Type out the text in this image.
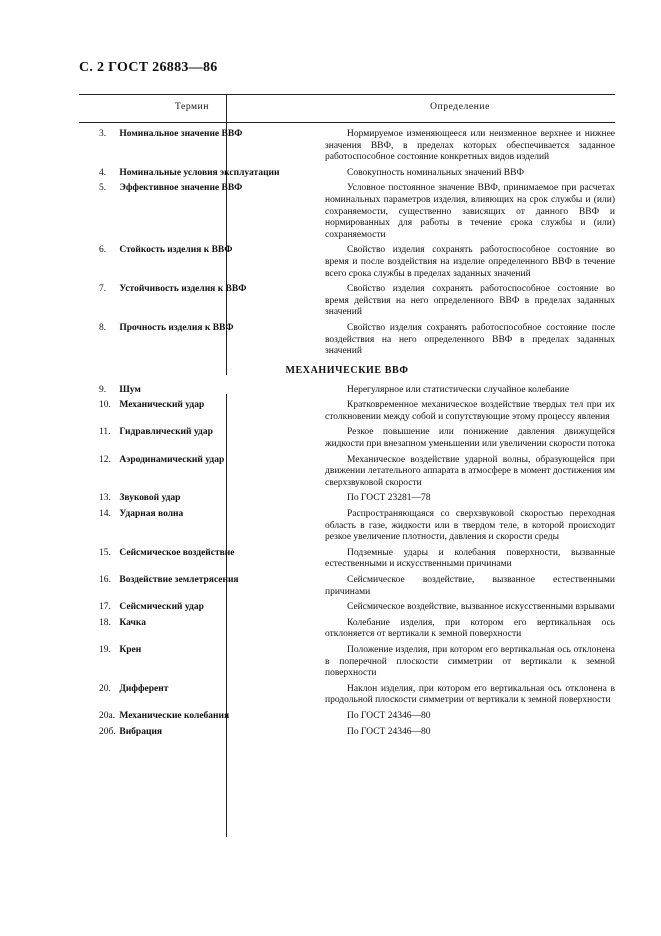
С. 2 ГОСТ 26883—86
Термин	Определение
3. Номинальное значение ВВФ	Нормируемое изменяющееся или неизменное верхнее и нижнее значения ВВФ, в пределах которых обеспечивается заданное работоспособное состояние конкретных видов изделий
4. Номинальные условия эксплуатации	Совокупность номинальных значений ВВФ
5. Эффективное значение ВВФ	Условное постоянное значение ВВФ, принимаемое при расчетах номинальных параметров изделия, влияющих на срок службы и (или) сохраняемости, существенно зависящих от данного ВВФ и нормированных для работы в течение срока службы и (или) сохраняемости
6. Стойкость изделия к ВВФ	Свойство изделия сохранять работоспособное состояние во время и после воздействия на изделие определенного ВВФ в течение всего срока службы в пределах заданных значений
7. Устойчивость изделия к ВВФ	Свойство изделия сохранять работоспособное состояние во время действия на него определенного ВВФ в пределах заданных значений
8. Прочность изделия к ВВФ	Свойство изделия сохранять работоспособное состояние после воздействия на него определенного ВВФ в пределах заданных значений
МЕХАНИЧЕСКИЕ ВВФ
9. Шум	Нерегулярное или статистически случайное колебание
10. Механический удар	Кратковременное механическое воздействие твердых тел при их столкновении между собой и сопутствующие этому процессу явления
11. Гидравлический удар	Резкое повышение или понижение давления движущейся жидкости при внезапном уменьшении или увеличении скорости потока
12. Аэродинамический удар	Механическое воздействие ударной волны, образующейся при движении летательного аппарата в атмосфере в момент достижения им сверхзвуковой скорости
13. Звуковой удар	По ГОСТ 23281—78
14. Ударная волна	Распространяющаяся со сверхзвуковой скоростью переходная область в газе, жидкости или в твердом теле, в которой происходит резкое увеличение плотности, давления и скорости среды
15. Сейсмическое воздействие	Подземные удары и колебания поверхности, вызванные естественными и искусственными причинами
16. Воздействие землетрясения	Сейсмическое воздействие, вызванное естественными причинами
17. Сейсмический удар	Сейсмическое воздействие, вызванное искусственными взрывами
18. Качка	Колебание изделия, при котором его вертикальная ось отклоняется от вертикали к земной поверхности
19. Крен	Положение изделия, при котором его вертикальная ось отклонена в поперечной плоскости симметрии от вертикали к земной поверхности
20. Дифферент	Наклон изделия, при котором его вертикальная ось отклонена в продольной плоскости симметрии от вертикали к земной поверхности
20а. Механические колебания	По ГОСТ 24346—80
20б. Вибрация	По ГОСТ 24346—80
